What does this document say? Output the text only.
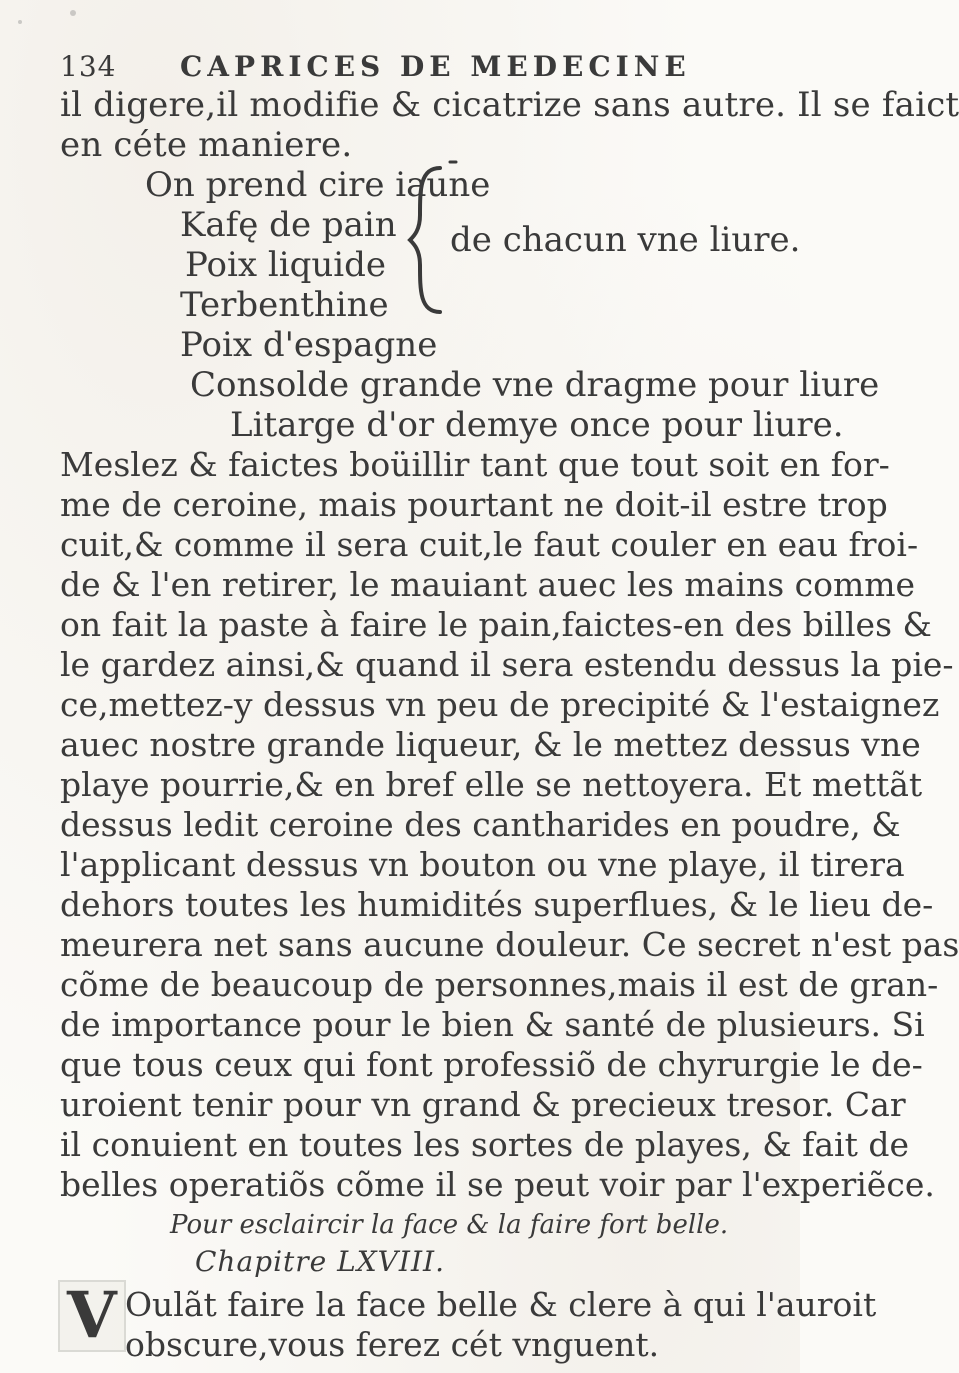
134 CAPRICES DE MEDECINE
il digere,il modifie & cicatrize sans autre. Il se faict
en céte maniere.
On prend cire iaune
Kafę de pain
Poix liquide
Terbenthine
Poix d'espagne
de chacun vne liure.
Consolde grande vne dragme pour liure
Litarge d'or demye once pour liure.
Meslez & faictes boüillir tant que tout soit en for-
me de ceroine, mais pourtant ne doit-il estre trop
cuit,& comme il sera cuit,le faut couler en eau froi-
de & l'en retirer, le mauiant auec les mains comme
on fait la paste à faire le pain,faictes-en des billes &
le gardez ainsi,& quand il sera estendu dessus la pie-
ce,mettez-y dessus vn peu de precipité & l'estaignez
auec nostre grande liqueur, & le mettez dessus vne
playe pourrie,& en bref elle se nettoyera. Et mettãt
dessus ledit ceroine des cantharides en poudre, &
l'applicant dessus vn bouton ou vne playe, il tirera
dehors toutes les humidités superflues, & le lieu de-
meurera net sans aucune douleur. Ce secret n'est pas
cõme de beaucoup de personnes,mais il est de gran-
de importance pour le bien & santé de plusieurs. Si
que tous ceux qui font professiõ de chyrurgie le de-
uroient tenir pour vn grand & precieux tresor. Car
il conuient en toutes les sortes de playes, & fait de
belles operatiõs cõme il se peut voir par l'experiẽce.
Pour esclaircir la face & la faire fort belle.
Chapitre LXVIII.
V Oulãt faire la face belle & clere à qui l'auroit
obscure,vous ferez cét vnguent.
